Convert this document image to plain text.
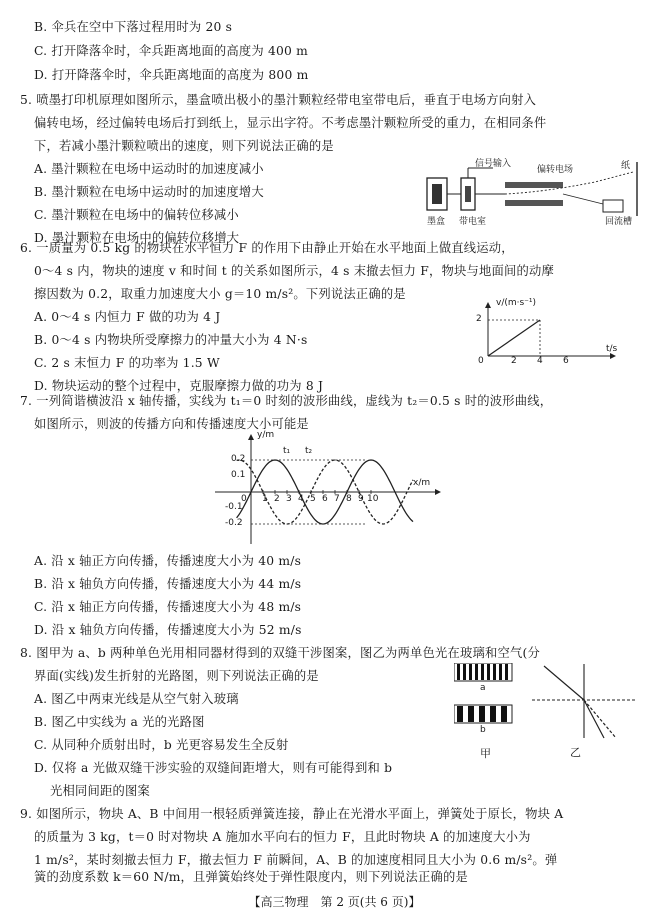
B. 伞兵在空中下落过程用时为 20 s
C. 打开降落伞时，伞兵距离地面的高度为 400 m
D. 打开降落伞时，伞兵距离地面的高度为 800 m
5. 喷墨打印机原理如图所示，墨盒喷出极小的墨汁颗粒经带电室带电后，垂直于电场方向射入
偏转电场，经过偏转电场后打到纸上，显示出字符。不考虑墨汁颗粒所受的重力，在相同条件
下，若减小墨汁颗粒喷出的速度，则下列说法正确的是
A. 墨汁颗粒在电场中运动时的加速度减小
B. 墨汁颗粒在电场中运动时的加速度增大
C. 墨汁颗粒在电场中的偏转位移减小
D. 墨汁颗粒在电场中的偏转位移增大
信号输入
偏转电场	纸
墨盒 带电室	回流槽
6. 一质量为 0.5 kg 的物块在水平恒力 F 的作用下由静止开始在水平地面上做直线运动，
0～4 s 内，物块的速度 v 和时间 t 的关系如图所示，4 s 末撤去恒力 F，物块与地面间的动摩
擦因数为 0.2，取重力加速度大小 g＝10 m/s²。下列说法正确的是
A. 0～4 s 内恒力 F 做的功为 4 J
B. 0～4 s 内物块所受摩擦力的冲量大小为 4 N·s
C. 2 s 末恒力 F 的功率为 1.5 W
D. 物块运动的整个过程中，克服摩擦力做的功为 8 J
v/(m·s⁻¹)
2
0	2 4 6
t/s
7. 一列简谐横波沿 x 轴传播，实线为 t₁＝0 时刻的波形曲线，虚线为 t₂＝0.5 s 时的波形曲线，
如图所示，则波的传播方向和传播速度大小可能是
y/m
0.2
0.1
-0.1
-0.2
0
x/m
t₁ t₂
1 2 3 4 5 6 7 8 9 10
A. 沿 x 轴正方向传播，传播速度大小为 40 m/s
B. 沿 x 轴负方向传播，传播速度大小为 44 m/s
C. 沿 x 轴正方向传播，传播速度大小为 48 m/s
D. 沿 x 轴负方向传播，传播速度大小为 52 m/s
8. 图甲为 a、b 两种单色光用相同器材得到的双缝干涉图案，图乙为两单色光在玻璃和空气(分
界面(实线)发生折射的光路图，则下列说法正确的是
A. 图乙中两束光线是从空气射入玻璃
B. 图乙中实线为 a 光的光路图
C. 从同种介质射出时，b 光更容易发生全反射
D. 仅将 a 光做双缝干涉实验的双缝间距增大，则有可能得到和 b
光相同间距的图案
a
b
甲	乙
9. 如图所示，物块 A、B 中间用一根轻质弹簧连接，静止在光滑水平面上，弹簧处于原长，物块 A
的质量为 3 kg，t＝0 时对物块 A 施加水平向右的恒力 F，且此时物块 A 的加速度大小为
1 m/s²，某时刻撤去恒力 F，撤去恒力 F 前瞬间，A、B 的加速度相同且大小为 0.6 m/s²。弹
簧的劲度系数 k＝60 N/m，且弹簧始终处于弹性限度内，则下列说法正确的是
【高三物理　第 2 页(共 6 页)】
